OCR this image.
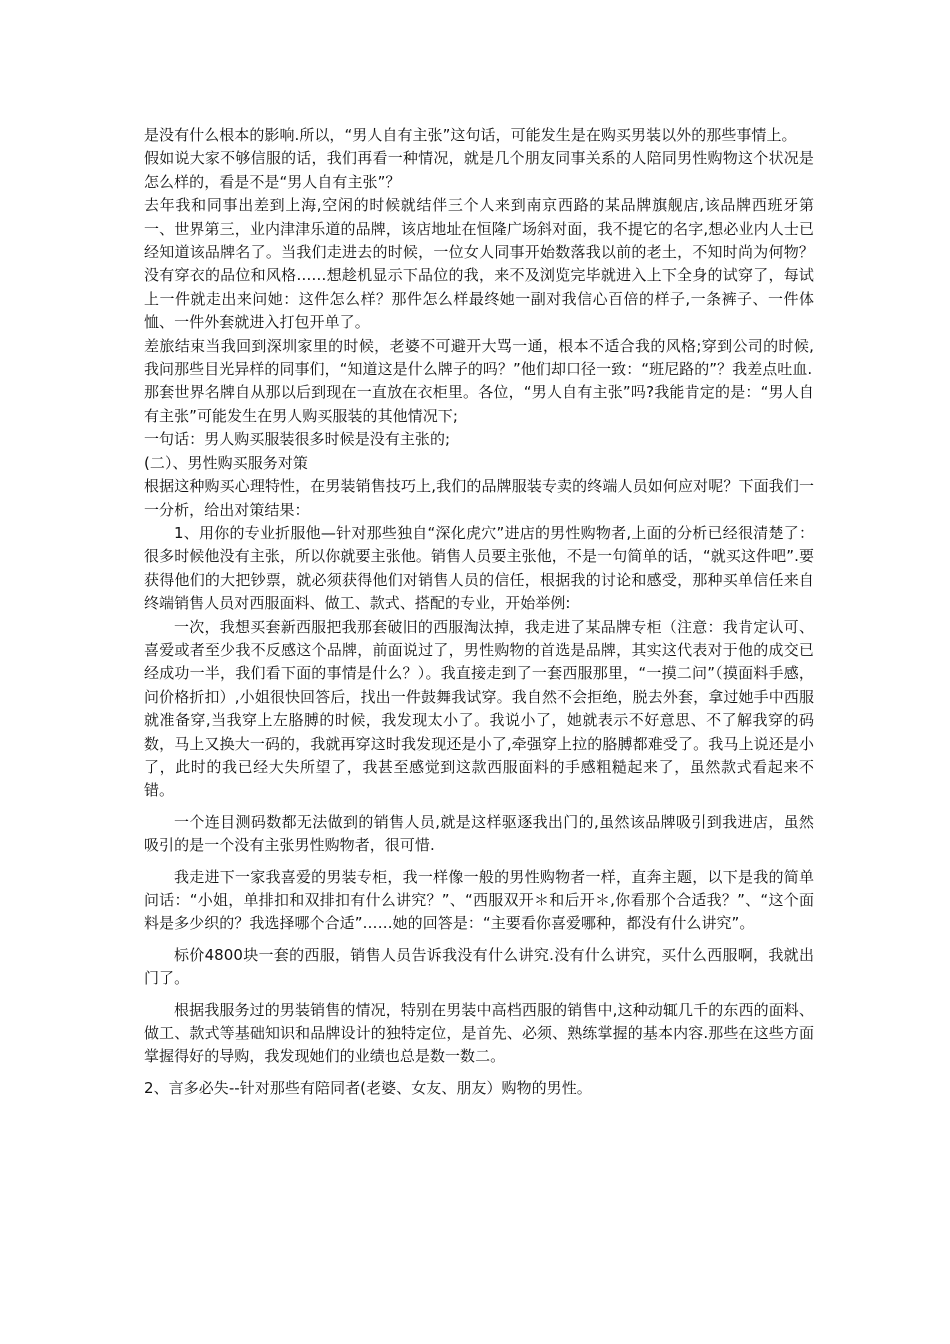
是没有什么根本的影响.所以，“男人自有主张”这句话，可能发生是在购买男装以外的那些事情上。

假如说大家不够信服的话，我们再看一种情况，就是几个朋友同事关系的人陪同男性购物这个状况是怎么样的，看是不是“男人自有主张”？

去年我和同事出差到上海,空闲的时候就结伴三个人来到南京西路的某品牌旗舰店,该品牌西班牙第一、世界第三，业内津津乐道的品牌，该店地址在恒隆广场斜对面，我不提它的名字,想必业内人士已经知道该品牌名了。当我们走进去的时候，一位女人同事开始数落我以前的老土，不知时尚为何物？没有穿衣的品位和风格……想趁机显示下品位的我，来不及浏览完毕就进入上下全身的试穿了，每试上一件就走出来问她：这件怎么样？那件怎么样最终她一副对我信心百倍的样子,一条裤子、一件体恤、一件外套就进入打包开单了。

差旅结束当我回到深圳家里的时候，老婆不可避开大骂一通，根本不适合我的风格;穿到公司的时候,我问那些目光异样的同事们，“知道这是什么牌子的吗？”他们却口径一致：“班尼路的”？我差点吐血.

那套世界名牌自从那以后到现在一直放在衣柜里。各位，“男人自有主张”吗?我能肯定的是：“男人自有主张”可能发生在男人购买服装的其他情况下;

一句话：男人购买服装很多时候是没有主张的;

(二）、男性购买服务对策

根据这种购买心理特性，在男装销售技巧上,我们的品牌服装专卖的终端人员如何应对呢？下面我们一一分析，给出对策结果：

1、用你的专业折服他—针对那些独自“深化虎穴”进店的男性购物者,上面的分析已经很清楚了：很多时候他没有主张，所以你就要主张他。销售人员要主张他，不是一句简单的话，“就买这件吧”.要获得他们的大把钞票，就必须获得他们对销售人员的信任，根据我的讨论和感受，那种买单信任来自终端销售人员对西服面料、做工、款式、搭配的专业，开始举例:

一次，我想买套新西服把我那套破旧的西服淘汰掉，我走进了某品牌专柜（注意：我肯定认可、喜爱或者至少我不反感这个品牌，前面说过了，男性购物的首选是品牌，其实这代表对于他的成交已经成功一半，我们看下面的事情是什么？）。我直接走到了一套西服那里，“一摸二问”（摸面料手感，问价格折扣）,小姐很快回答后，找出一件鼓舞我试穿。我自然不会拒绝，脱去外套，拿过她手中西服就准备穿,当我穿上左胳膊的时候，我发现太小了。我说小了，她就表示不好意思、不了解我穿的码数，马上又换大一码的，我就再穿这时我发现还是小了,牵强穿上拉的胳膊都难受了。我马上说还是小了，此时的我已经大失所望了，我甚至感觉到这款西服面料的手感粗糙起来了，虽然款式看起来不错。

一个连目测码数都无法做到的销售人员,就是这样驱逐我出门的,虽然该品牌吸引到我进店，虽然吸引的是一个没有主张男性购物者，很可惜.

我走进下一家我喜爱的男装专柜，我一样像一般的男性购物者一样，直奔主题，以下是我的简单问话：“小姐，单排扣和双排扣有什么讲究？”、“西服双开＊和后开＊,你看那个合适我？”、“这个面料是多少织的？我选择哪个合适”……她的回答是：“主要看你喜爱哪种，都没有什么讲究”。

标价4800块一套的西服，销售人员告诉我没有什么讲究.没有什么讲究，买什么西服啊，我就出门了。

根据我服务过的男装销售的情况，特别在男装中高档西服的销售中,这种动辄几千的东西的面料、做工、款式等基础知识和品牌设计的独特定位，是首先、必须、熟练掌握的基本内容.那些在这些方面掌握得好的导购，我发现她们的业绩也总是数一数二。

2、言多必失--针对那些有陪同者(老婆、女友、朋友）购物的男性。
